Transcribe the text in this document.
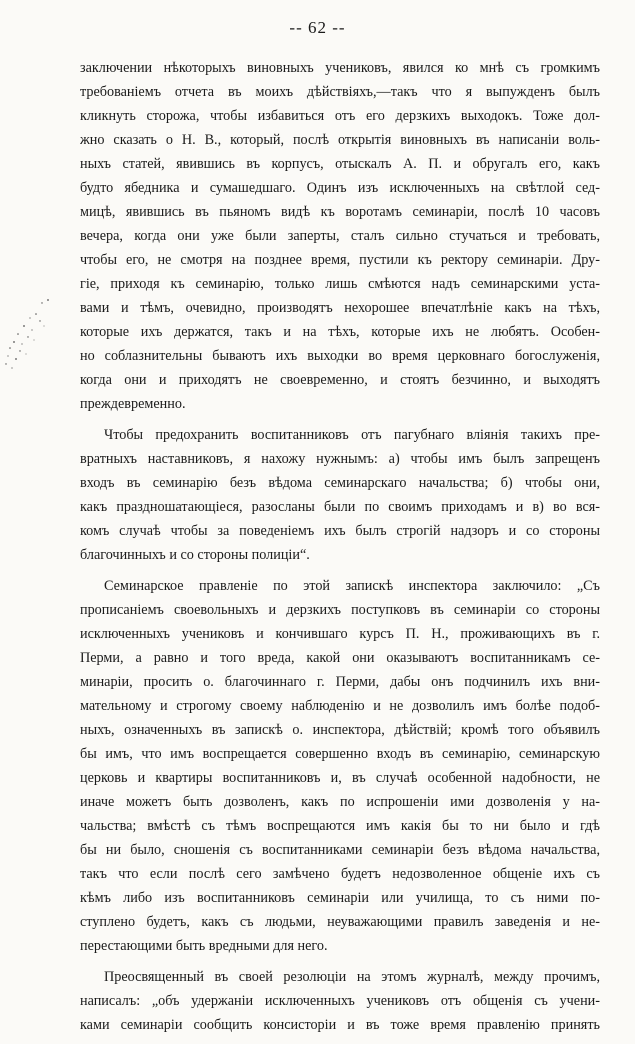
-- 62 --

заключении нѣкоторыхъ виновныхъ учениковъ, явился ко мнѣ съ громкимъ
требованіемъ отчета въ моихъ дѣйствіяхъ,—такъ что я выпужденъ былъ
кликнуть сторожа, чтобы избавиться отъ его дерзкихъ выходокъ. Тоже дол-
жно сказать о Н. В., который, послѣ открытія виновныхъ въ написаніи воль-
ныхъ статей, явившись въ корпусъ, отыскалъ А. П. и обругалъ его, какъ
будто ябедника и сумашедшаго. Одинъ изъ исключенныхъ на свѣтлой сед-
мицѣ, явившись въ пьяномъ видѣ къ воротамъ семинаріи, послѣ 10 часовъ
вечера, когда они уже были заперты, сталъ сильно стучаться и требовать,
чтобы его, не смотря на позднее время, пустили къ ректору семинаріи. Дру-
гіе, приходя къ семинарію, только лишь смѣются надъ семинарскими уста-
вами и тѣмъ, очевидно, производятъ нехорошее впечатлѣніе какъ на тѣхъ,
которые ихъ держатся, такъ и на тѣхъ, которые ихъ не любятъ. Особен-
но соблазнительны бываютъ ихъ выходки во время церковнаго богослуженія,
когда они и приходятъ не своевременно, и стоятъ безчинно, и выходятъ
преждевременно.

Чтобы предохранить воспитанниковъ отъ пагубнаго вліянія такихъ пре-
вратныхъ наставниковъ, я нахожу нужнымъ: а) чтобы имъ былъ запрещенъ
входъ въ семинарію безъ вѣдома семинарскаго начальства; б) чтобы они,
какъ праздношатающіеся, разосланы были по своимъ приходамъ и в) во вся-
комъ случаѣ чтобы за поведеніемъ ихъ былъ строгій надзоръ и со стороны
благочинныхъ и со стороны полиціи“.

Семинарское правленіе по этой запискѣ инспектора заключило: „Съ
прописаніемъ своевольныхъ и дерзкихъ поступковъ въ семинаріи со стороны
исключенныхъ учениковъ и кончившаго курсъ П. Н., проживающихъ въ г.
Перми, а равно и того вреда, какой они оказываютъ воспитанникамъ се-
минаріи, просить о. благочиннаго г. Перми, дабы онъ подчинилъ ихъ вни-
мательному и строгому своему наблюденію и не дозволилъ имъ болѣе подоб-
ныхъ, означенныхъ въ запискѣ о. инспектора, дѣйствій; кромѣ того объявилъ
бы имъ, что имъ воспрещается совершенно входъ въ семинарію, семинарскую
церковь и квартиры воспитанниковъ и, въ случаѣ особенной надобности, не
иначе можетъ быть дозволенъ, какъ по испрошеніи ими дозволенія у на-
чальства; вмѣстѣ съ тѣмъ воспрещаются имъ какія бы то ни было и гдѣ
бы ни было, сношенія съ воспитанниками семинаріи безъ вѣдома начальства,
такъ что если послѣ сего замѣчено будетъ недозволенное общеніе ихъ съ
кѣмъ либо изъ воспитанниковъ семинаріи или училища, то съ ними по-
ступлено будетъ, какъ съ людьми, неуважающими правилъ заведенія и не-
перестающими быть вредными для него.

Преосвященный въ своей резолюціи на этомъ журналѣ, между прочимъ,
написалъ: „объ удержаніи исключенныхъ учениковъ отъ общенія съ учени-
ками семинаріи сообщить консисторіи и въ тоже время правленію принять
